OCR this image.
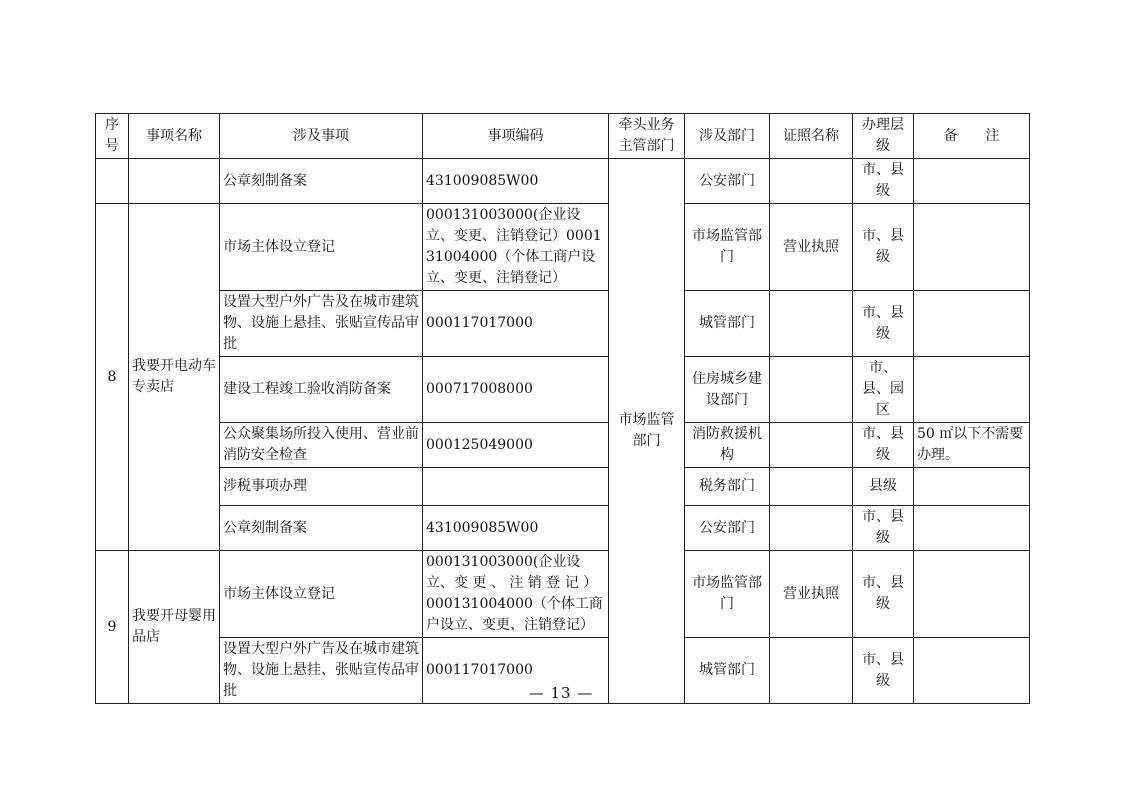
序号	事项名称	涉及事项	事项编码	牵头业务主管部门	涉及部门	证照名称	办理层级	备　　注
		公章刻制备案	431009085W00	市场监管部门	公安部门		市、县级	
8	我要开电动车专卖店	市场主体设立登记	000131003000(企业设立、变更、注销登记）000131004000（个体工商户设立、变更、注销登记）		市场监管部门	营业执照	市、县级	
		设置大型户外广告及在城市建筑物、设施上悬挂、张贴宣传品审批	000117017000		城管部门		市、县级	
		建设工程竣工验收消防备案	000717008000		住房城乡建设部门		市、县、园区	
		公众聚集场所投入使用、营业前消防安全检查	000125049000		消防救援机构		市、县级	50 ㎡以下不需要办理。
		涉税事项办理			税务部门		县级	
		公章刻制备案	431009085W00		公安部门		市、县级	
9	我要开母婴用品店	市场主体设立登记	000131003000(企业设立、变 更 、 注 销 登 记 ）000131004000（个体工商户设立、变更、注销登记）		市场监管部门	营业执照	市、县级	
		设置大型户外广告及在城市建筑物、设施上悬挂、张贴宣传品审批	000117017000		城管部门		市、县级	
— 13 —
